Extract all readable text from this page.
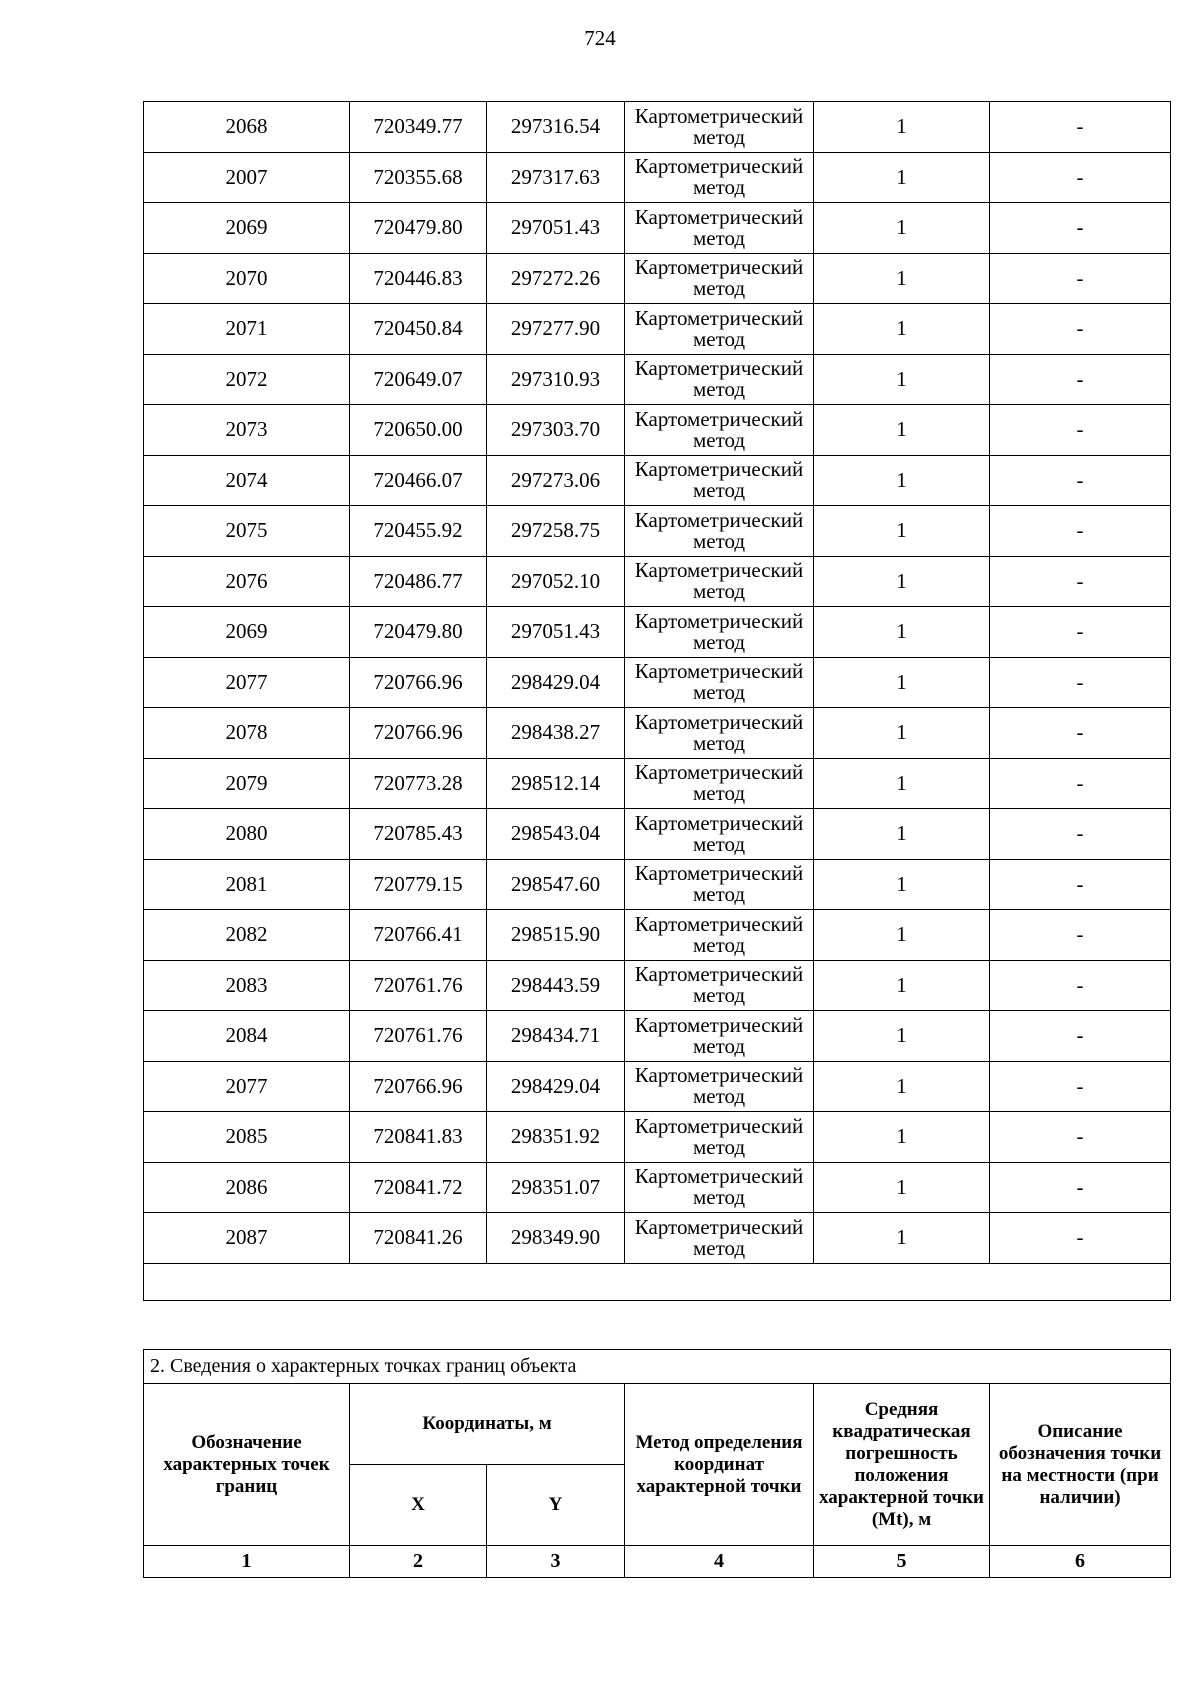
724
2068	720349.77	297316.54	Картометрический метод	1	-
2007	720355.68	297317.63	Картометрический метод	1	-
2069	720479.80	297051.43	Картометрический метод	1	-
2070	720446.83	297272.26	Картометрический метод	1	-
2071	720450.84	297277.90	Картометрический метод	1	-
2072	720649.07	297310.93	Картометрический метод	1	-
2073	720650.00	297303.70	Картометрический метод	1	-
2074	720466.07	297273.06	Картометрический метод	1	-
2075	720455.92	297258.75	Картометрический метод	1	-
2076	720486.77	297052.10	Картометрический метод	1	-
2069	720479.80	297051.43	Картометрический метод	1	-
2077	720766.96	298429.04	Картометрический метод	1	-
2078	720766.96	298438.27	Картометрический метод	1	-
2079	720773.28	298512.14	Картометрический метод	1	-
2080	720785.43	298543.04	Картометрический метод	1	-
2081	720779.15	298547.60	Картометрический метод	1	-
2082	720766.41	298515.90	Картометрический метод	1	-
2083	720761.76	298443.59	Картометрический метод	1	-
2084	720761.76	298434.71	Картометрический метод	1	-
2077	720766.96	298429.04	Картометрический метод	1	-
2085	720841.83	298351.92	Картометрический метод	1	-
2086	720841.72	298351.07	Картометрический метод	1	-
2087	720841.26	298349.90	Картометрический метод	1	-

2. Сведения о характерных точках границ объекта					
Обозначение характерных точек границ	Координаты, м		Метод определения координат характерной точки	Средняя квадратическая погрешность положения характерной точки (Mt), м	Описание обозначения точки на местности (при наличии)
	X	Y			
1	2	3	4	5	6
